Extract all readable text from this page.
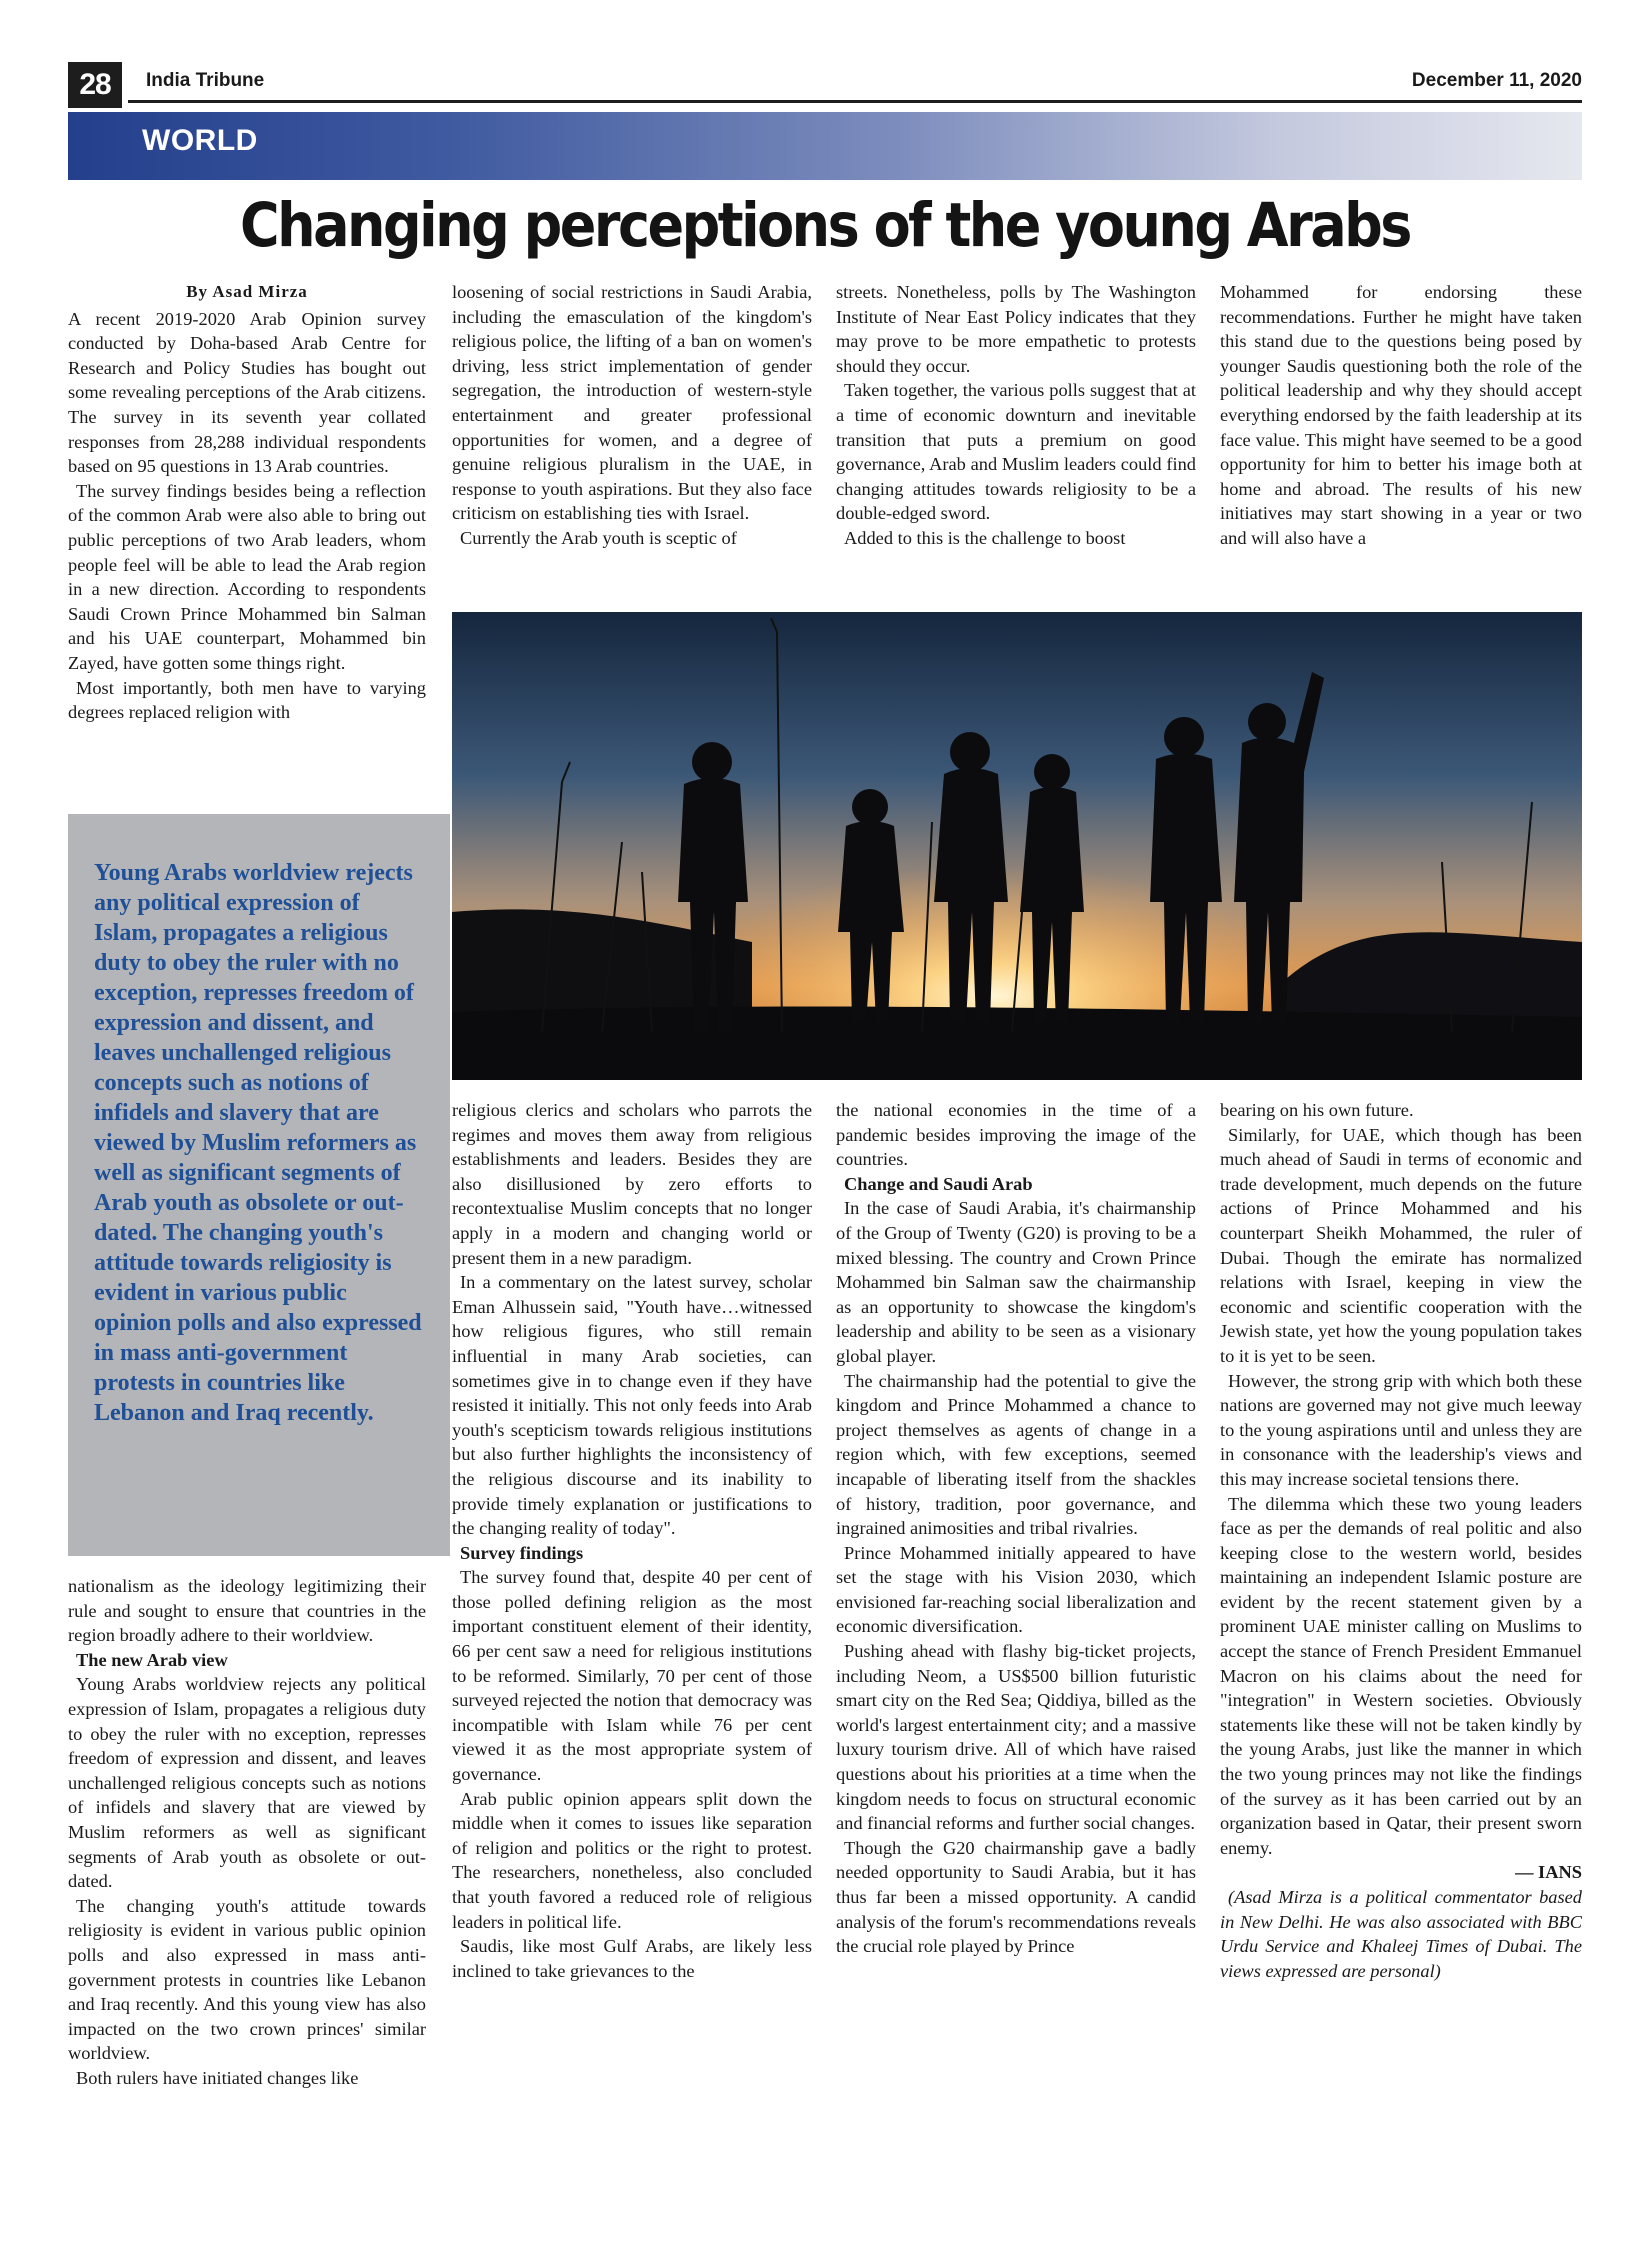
28	India Tribune	December 11, 2020
WORLD
Changing perceptions of the young Arabs

By Asad Mirza

A recent 2019-2020 Arab Opinion survey conducted by Doha-based Arab Centre for Research and Policy Studies has bought out some revealing perceptions of the Arab citizens. The survey in its seventh year collated responses from 28,288 individual respondents based on 95 questions in 13 Arab countries.

The survey findings besides being a reflection of the common Arab were also able to bring out public perceptions of two Arab leaders, whom people feel will be able to lead the Arab region in a new direction. According to respondents Saudi Crown Prince Mohammed bin Salman and his UAE counterpart, Mohammed bin Zayed, have gotten some things right.

Most importantly, both men have to varying degrees replaced religion with

loosening of social restrictions in Saudi Arabia, including the emasculation of the kingdom's religious police, the lifting of a ban on women's driving, less strict implementation of gender segregation, the introduction of western-style entertainment and greater professional opportunities for women, and a degree of genuine religious pluralism in the UAE, in response to youth aspirations. But they also face criticism on establishing ties with Israel.

Currently the Arab youth is sceptic of

streets. Nonetheless, polls by The Washington Institute of Near East Policy indicates that they may prove to be more empathetic to protests should they occur.

Taken together, the various polls suggest that at a time of economic downturn and inevitable transition that puts a premium on good governance, Arab and Muslim leaders could find changing attitudes towards religiosity to be a double-edged sword.

Added to this is the challenge to boost

Mohammed for endorsing these recommendations. Further he might have taken this stand due to the questions being posed by younger Saudis questioning both the role of the political leadership and why they should accept everything endorsed by the faith leadership at its face value. This might have seemed to be a good opportunity for him to better his image both at home and abroad. The results of his new initiatives may start showing in a year or two and will also have a

Young Arabs worldview rejects any political expression of Islam, propagates a religious duty to obey the ruler with no exception, represses freedom of expression and dissent, and leaves unchallenged religious concepts such as notions of infidels and slavery that are viewed by Muslim reformers as well as significant segments of Arab youth as obsolete or out-dated. The changing youth's attitude towards religiosity is evident in various public opinion polls and also expressed in mass anti-government protests in countries like Lebanon and Iraq recently.

nationalism as the ideology legitimizing their rule and sought to ensure that countries in the region broadly adhere to their worldview.

The new Arab view

Young Arabs worldview rejects any political expression of Islam, propagates a religious duty to obey the ruler with no exception, represses freedom of expression and dissent, and leaves unchallenged religious concepts such as notions of infidels and slavery that are viewed by Muslim reformers as well as significant segments of Arab youth as obsolete or out-dated.

The changing youth's attitude towards religiosity is evident in various public opinion polls and also expressed in mass anti-government protests in countries like Lebanon and Iraq recently. And this young view has also impacted on the two crown princes' similar worldview.

Both rulers have initiated changes like

religious clerics and scholars who parrots the regimes and moves them away from religious establishments and leaders. Besides they are also disillusioned by zero efforts to recontextualise Muslim concepts that no longer apply in a modern and changing world or present them in a new paradigm.

In a commentary on the latest survey, scholar Eman Alhussein said, "Youth have…witnessed how religious figures, who still remain influential in many Arab societies, can sometimes give in to change even if they have resisted it initially. This not only feeds into Arab youth's scepticism towards religious institutions but also further highlights the inconsistency of the religious discourse and its inability to provide timely explanation or justifications to the changing reality of today".

Survey findings

The survey found that, despite 40 per cent of those polled defining religion as the most important constituent element of their identity, 66 per cent saw a need for religious institutions to be reformed. Similarly, 70 per cent of those surveyed rejected the notion that democracy was incompatible with Islam while 76 per cent viewed it as the most appropriate system of governance.

Arab public opinion appears split down the middle when it comes to issues like separation of religion and politics or the right to protest. The researchers, nonetheless, also concluded that youth favored a reduced role of religious leaders in political life.

Saudis, like most Gulf Arabs, are likely less inclined to take grievances to the

the national economies in the time of a pandemic besides improving the image of the countries.

Change and Saudi Arab

In the case of Saudi Arabia, it's chairmanship of the Group of Twenty (G20) is proving to be a mixed blessing. The country and Crown Prince Mohammed bin Salman saw the chairmanship as an opportunity to showcase the kingdom's leadership and ability to be seen as a visionary global player.

The chairmanship had the potential to give the kingdom and Prince Mohammed a chance to project themselves as agents of change in a region which, with few exceptions, seemed incapable of liberating itself from the shackles of history, tradition, poor governance, and ingrained animosities and tribal rivalries.

Prince Mohammed initially appeared to have set the stage with his Vision 2030, which envisioned far-reaching social liberalization and economic diversification.

Pushing ahead with flashy big-ticket projects, including Neom, a US$500 billion futuristic smart city on the Red Sea; Qiddiya, billed as the world's largest entertainment city; and a massive luxury tourism drive. All of which have raised questions about his priorities at a time when the kingdom needs to focus on structural economic and financial reforms and further social changes.

Though the G20 chairmanship gave a badly needed opportunity to Saudi Arabia, but it has thus far been a missed opportunity. A candid analysis of the forum's recommendations reveals the crucial role played by Prince

bearing on his own future.

Similarly, for UAE, which though has been much ahead of Saudi in terms of economic and trade development, much depends on the future actions of Prince Mohammed and his counterpart Sheikh Mohammed, the ruler of Dubai. Though the emirate has normalized relations with Israel, keeping in view the economic and scientific cooperation with the Jewish state, yet how the young population takes to it is yet to be seen.

However, the strong grip with which both these nations are governed may not give much leeway to the young aspirations until and unless they are in consonance with the leadership's views and this may increase societal tensions there.

The dilemma which these two young leaders face as per the demands of real politic and also keeping close to the western world, besides maintaining an independent Islamic posture are evident by the recent statement given by a prominent UAE minister calling on Muslims to accept the stance of French President Emmanuel Macron on his claims about the need for "integration" in Western societies. Obviously statements like these will not be taken kindly by the young Arabs, just like the manner in which the two young princes may not like the findings of the survey as it has been carried out by an organization based in Qatar, their present sworn enemy.

— IANS

(Asad Mirza is a political commentator based in New Delhi. He was also associated with BBC Urdu Service and Khaleej Times of Dubai. The views expressed are personal)
